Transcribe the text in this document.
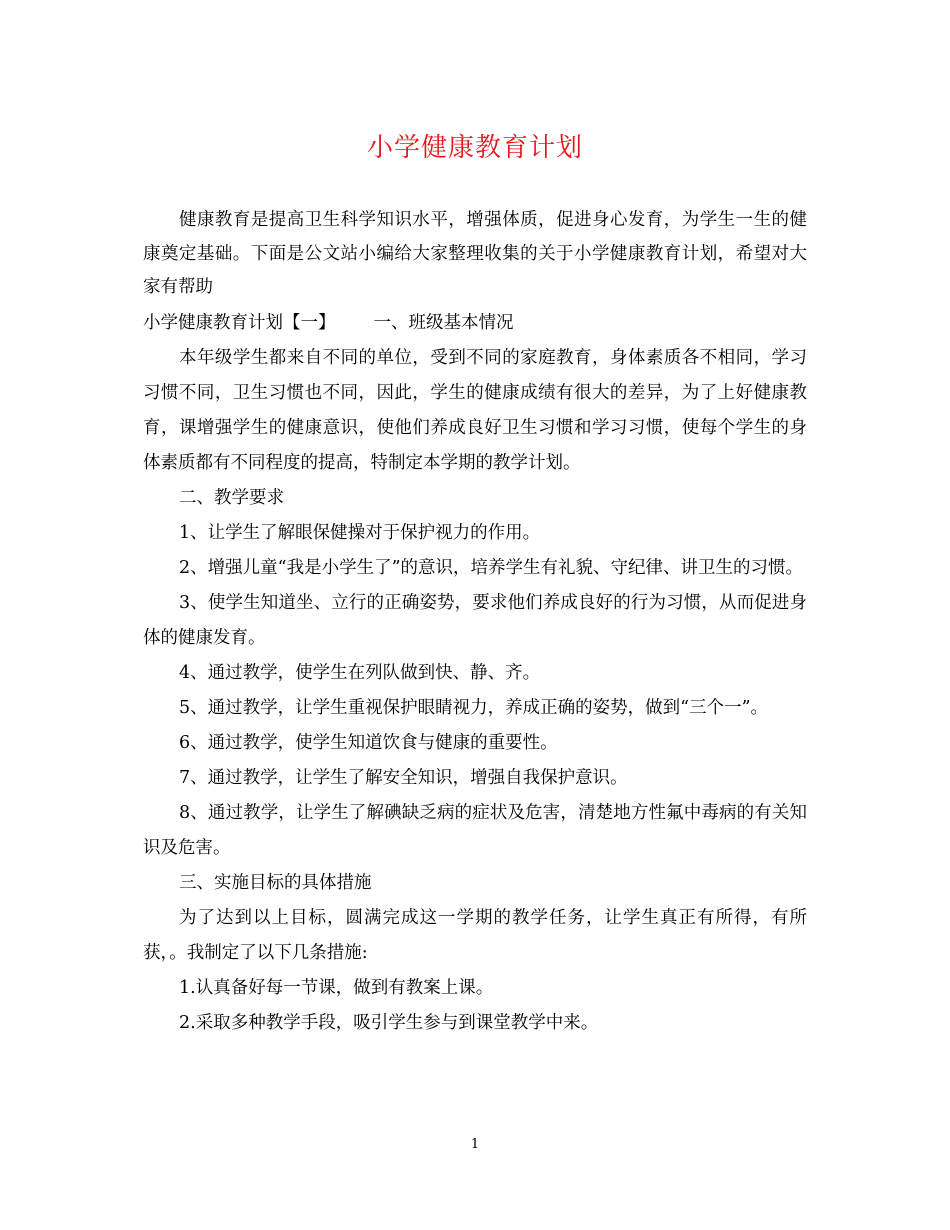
小学健康教育计划

健康教育是提高卫生科学知识水平，增强体质，促进身心发育，为学生一生的健康奠定基础。下面是公文站小编给大家整理收集的关于小学健康教育计划，希望对大家有帮助

小学健康教育计划【一】 一、班级基本情况

本年级学生都来自不同的单位，受到不同的家庭教育，身体素质各不相同，学习习惯不同，卫生习惯也不同，因此，学生的健康成绩有很大的差异，为了上好健康教育，课增强学生的健康意识，使他们养成良好卫生习惯和学习习惯，使每个学生的身体素质都有不同程度的提高，特制定本学期的教学计划。

二、教学要求

1、让学生了解眼保健操对于保护视力的作用。

2、增强儿童“我是小学生了”的意识，培养学生有礼貌、守纪律、讲卫生的习惯。

3、使学生知道坐、立行的正确姿势，要求他们养成良好的行为习惯，从而促进身体的健康发育。

4、通过教学，使学生在列队做到快、静、齐。

5、通过教学，让学生重视保护眼睛视力，养成正确的姿势，做到“三个一”。

6、通过教学，使学生知道饮食与健康的重要性。

7、通过教学，让学生了解安全知识，增强自我保护意识。

8、通过教学，让学生了解碘缺乏病的症状及危害，清楚地方性氟中毒病的有关知识及危害。

三、实施目标的具体措施

为了达到以上目标，圆满完成这一学期的教学任务，让学生真正有所得，有所获，。我制定了以下几条措施:

1.认真备好每一节课，做到有教案上课。

2.采取多种教学手段，吸引学生参与到课堂教学中来。

1
